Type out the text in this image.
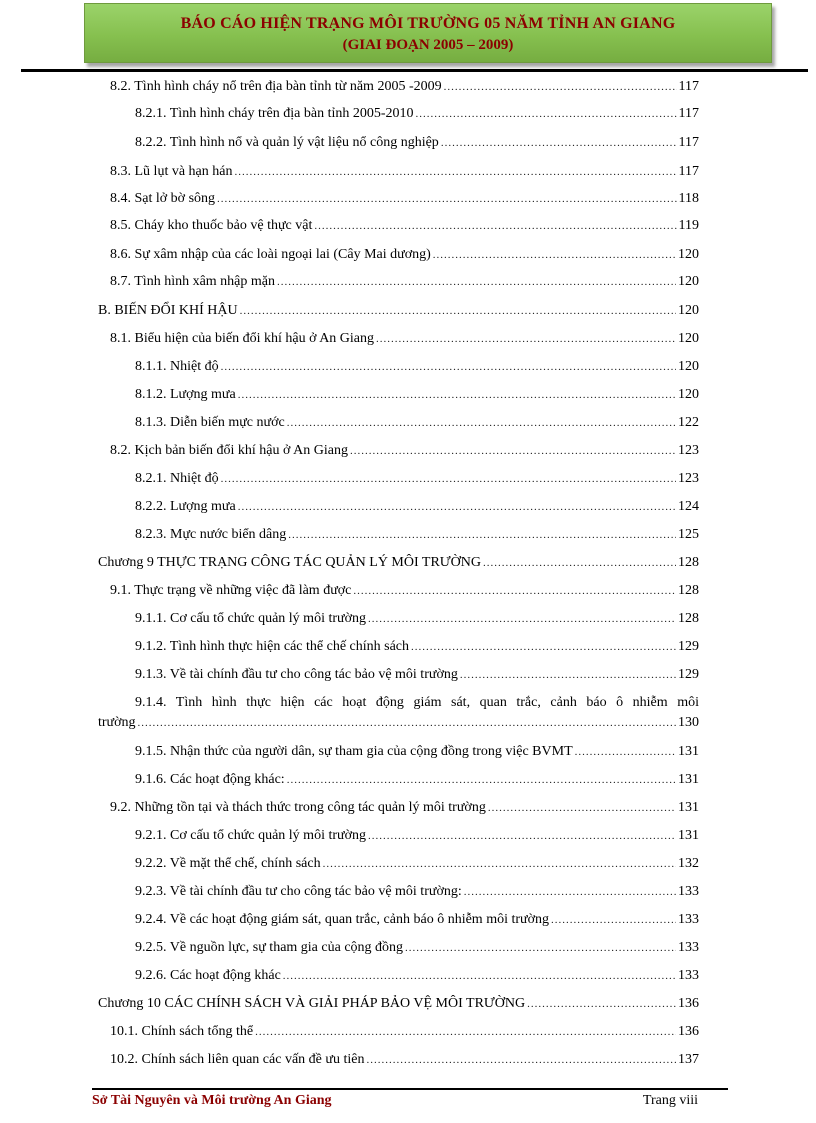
BÁO CÁO HIỆN TRẠNG MÔI TRƯỜNG 05 NĂM TỈNH AN GIANG
(GIAI ĐOẠN 2005 – 2009)
8.2. Tình hình cháy nổ trên địa bàn tỉnh từ năm 2005 -2009 .....	117
8.2.1. Tình hình cháy trên địa bàn tỉnh 2005-2010 .....	117
8.2.2. Tình hình nổ và quản lý vật liệu nổ công nghiệp .....	117
8.3. Lũ lụt và hạn hán .....	117
8.4. Sạt lở bờ sông .....	118
8.5. Cháy kho thuốc bảo vệ thực vật .....	119
8.6. Sự xâm nhập của các loài ngoại lai (Cây Mai dương) .....	120
8.7. Tình hình xâm nhập mặn .....	120
B. BIẾN ĐỔI KHÍ HẬU .....	120
8.1. Biểu hiện của biến đổi khí hậu ở An Giang .....	120
8.1.1. Nhiệt độ .....	120
8.1.2. Lượng mưa .....	120
8.1.3. Diễn biến mực nước .....	122
8.2. Kịch bản biến đổi khí hậu ở An Giang .....	123
8.2.1. Nhiệt độ .....	123
8.2.2. Lượng mưa .....	124
8.2.3. Mực nước biển dâng .....	125
Chương 9 THỰC TRẠNG CÔNG TÁC QUẢN LÝ MÔI TRƯỜNG .....	128
9.1. Thực trạng về những việc đã làm được .....	128
9.1.1. Cơ cấu tổ chức quản lý môi trường .....	128
9.1.2. Tình hình thực hiện các thể chế chính sách .....	129
9.1.3. Về tài chính đầu tư cho công tác bảo vệ môi trường .....	129
9.1.4. Tình hình thực hiện các hoạt động giám sát, quan trắc, cảnh báo ô nhiễm môi
trường .....	130
9.1.5. Nhận thức của người dân, sự tham gia của cộng đồng trong việc BVMT .....	131
9.1.6. Các hoạt động khác: .....	131
9.2. Những tồn tại và thách thức trong công tác quản lý môi trường .....	131
9.2.1. Cơ cấu tổ chức quản lý môi trường .....	131
9.2.2. Về mặt thể chế, chính sách .....	132
9.2.3. Về tài chính đầu tư cho công tác bảo vệ môi trường: .....	133
9.2.4. Về các hoạt động giám sát, quan trắc, cảnh báo ô nhiễm môi trường .....	133
9.2.5. Về nguồn lực, sự tham gia của cộng đồng .....	133
9.2.6. Các hoạt động khác .....	133
Chương 10 CÁC CHÍNH SÁCH VÀ GIẢI PHÁP BẢO VỆ MÔI TRƯỜNG .....	136
10.1. Chính sách tổng thể .....	136
10.2. Chính sách liên quan các vấn đề ưu tiên .....	137
Sở Tài Nguyên và Môi trường An Giang	Trang viii
